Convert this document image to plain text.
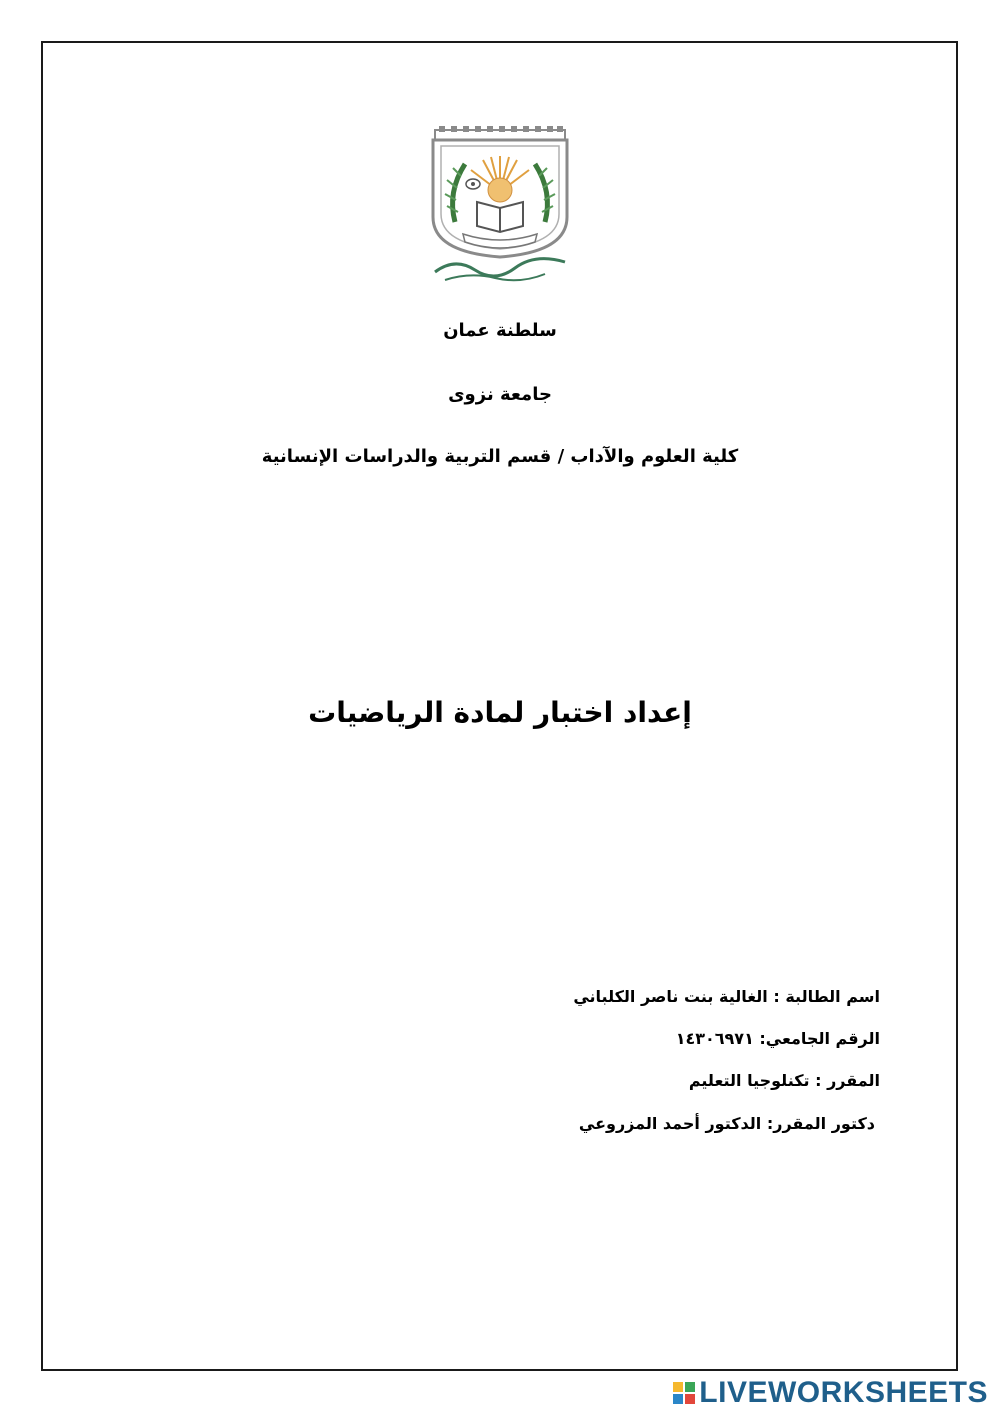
سلطنة عمان
جامعة نزوى
كلية العلوم والآداب / قسم التربية والدراسات الإنسانية
إعداد اختبار لمادة الرياضيات
اسم الطالبة : الغالية بنت ناصر الكلباني
الرقم الجامعي: ١٤٣٠٦٩٧١
المقرر : تكنلوجيا التعليم
دكتور المقرر: الدكتور أحمد المزروعي
LIVEWORKSHEETS
